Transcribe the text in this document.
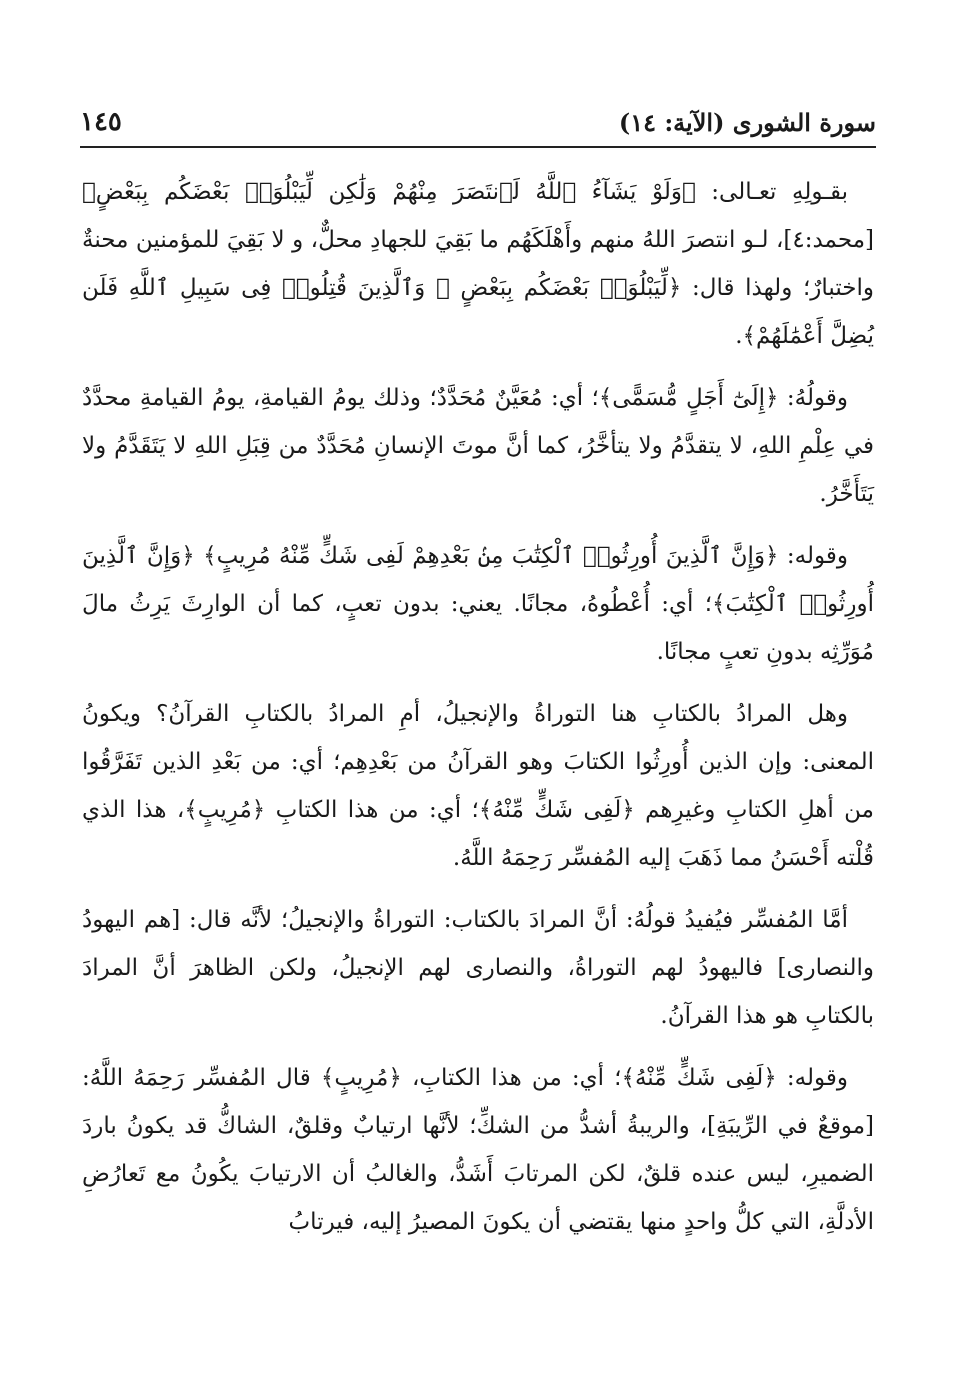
سورة الشورى (الآية: ١٤)
١٤٥

بقـولِهِ تعـالى: ﴿وَلَوْ يَشَآءُ ٱللَّهُ لَٱنتَصَرَ مِنْهُمْ وَلَٰكِن لِّيَبْلُوَا۟ بَعْضَكُم بِبَعْضٍ﴾ [محمد:٤]، لـو انتصرَ اللهُ منهم وأَهْلَكَهُم ما بَقِيَ للجهادِ محلٌّ، و لا بَقِيَ للمؤمنين محنةٌ واختبارٌ؛ ولهذا قال: ﴿لِّيَبْلُوَا۟ بَعْضَكُم بِبَعْضٍ ۗ وَٱلَّذِينَ قُتِلُوا۟ فِى سَبِيلِ ٱللَّهِ فَلَن يُضِلَّ أَعْمَٰلَهُمْ﴾.

وقولُهُ: ﴿إِلَىٰٓ أَجَلٍ مُّسَمًّى﴾؛ أي: مُعَيَّنٌ مُحَدَّدٌ؛ وذلك يومُ القيامةِ، يومُ القيامةِ محدَّدٌ في عِلْمِ اللهِ، لا يتقدَّمُ ولا يتأخَّرُ، كما أنَّ موتَ الإنسانِ مُحَدَّدٌ من قِبَلِ اللهِ لا يَتَقَدَّمُ ولا يَتَأَخَّرُ.

وقوله: ﴿وَإِنَّ ٱلَّذِينَ أُورِثُوا۟ ٱلْكِتَٰبَ مِنۢ بَعْدِهِمْ لَفِى شَكٍّ مِّنْهُ مُرِيبٍ﴾ ﴿وَإِنَّ ٱلَّذِينَ أُورِثُوا۟ ٱلْكِتَٰبَ﴾؛ أي: أُعْطُوهُ، مجانًا. يعني: بدون تعبٍ، كما أن الوارِثَ يَرِثُ مالَ مُوَرِّثِه بدونِ تعبٍ مجانًا.

وهل المرادُ بالكتابِ هنا التوراةُ والإنجيلُ، أمِ المرادُ بالكتابِ القرآنُ؟ ويكونُ المعنى: وإن الذين أُورِثُوا الكتابَ وهو القرآنُ من بَعْدِهِم؛ أي: من بَعْدِ الذين تَفَرَّقُوا من أهلِ الكتابِ وغيرِهم ﴿لَفِى شَكٍّ مِّنْهُ﴾؛ أي: من هذا الكتابِ ﴿مُرِيبٍ﴾، هذا الذي قُلْته أَحْسَنُ مما ذَهَبَ إليه المُفسِّر رَحِمَهُ اللَّهُ.

أمَّا المُفسِّر فيُفيدُ قولُهُ: أنَّ المرادَ بالكتاب: التوراةُ والإنجيلُ؛ لأنَّه قال: [هم اليهودُ والنصارى] فاليهودُ لهم التوراةُ، والنصارى لهم الإنجيلُ، ولكن الظاهرَ أنَّ المرادَ بالكتابِ هو هذا القرآنُ.

وقوله: ﴿لَفِى شَكٍّ مِّنْهُ﴾؛ أي: من هذا الكتابِ، ﴿مُرِيبٍ﴾ قال المُفسِّر رَحِمَهُ اللَّهُ: [موقعٌ في الرِّيبَةِ]، والريبةُ أشدُّ من الشكِّ؛ لأنَّها ارتيابٌ وقلقٌ، الشاكُّ قد يكونُ باردَ الضميرِ، ليس عنده قلقٌ، لكن المرتابَ أَشَدُّ، والغالبُ أن الارتيابَ يكُونُ مع تَعارُضِ الأدلَّةِ، التي كلُّ واحدٍ منها يقتضي أن يكونَ المصيرُ إليه، فيرتابُ
